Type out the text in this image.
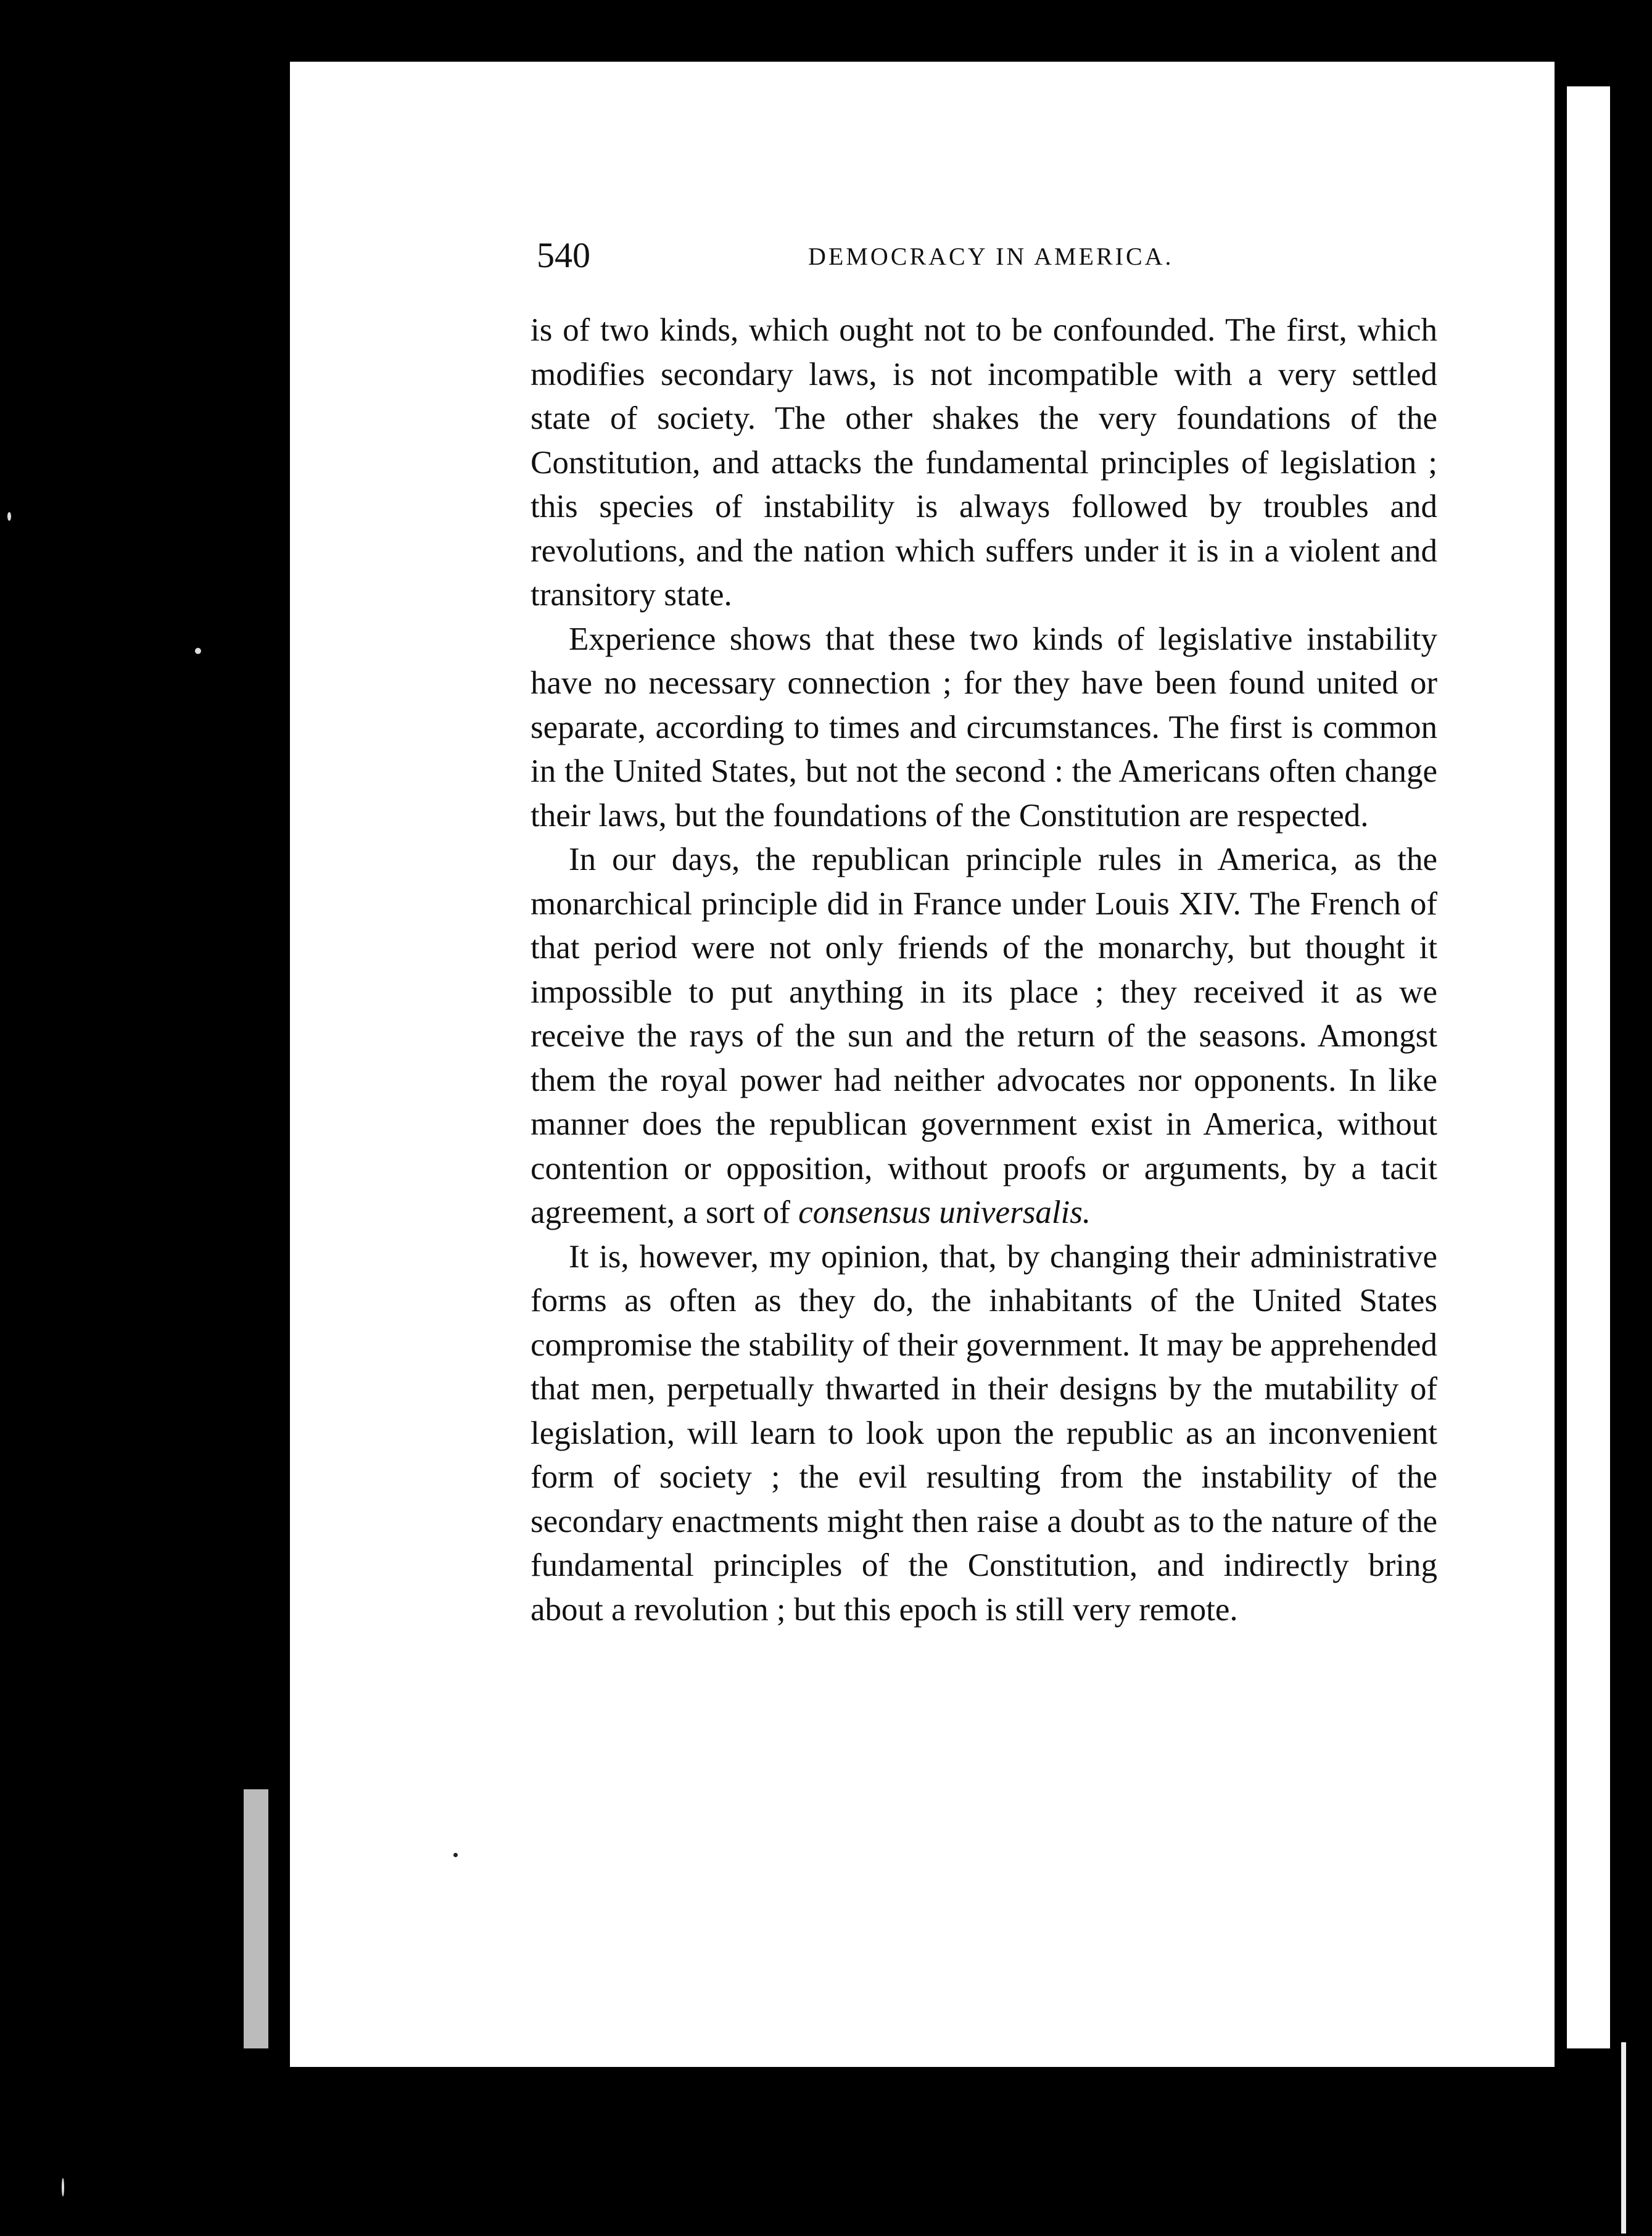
540	DEMOCRACY IN AMERICA.

is of two kinds, which ought not to be confounded. The first, which modifies secondary laws, is not incompatible with a very settled state of society. The other shakes the very foundations of the Constitution, and attacks the fundamental principles of legislation ; this species of instability is always followed by troubles and revolutions, and the nation which suffers under it is in a violent and transitory state.

Experience shows that these two kinds of legislative instability have no necessary connection ; for they have been found united or separate, according to times and circumstances. The first is common in the United States, but not the second : the Americans often change their laws, but the foundations of the Constitution are respected.

In our days, the republican principle rules in America, as the monarchical principle did in France under Louis XIV. The French of that period were not only friends of the monarchy, but thought it impossible to put anything in its place ; they received it as we receive the rays of the sun and the return of the seasons. Amongst them the royal power had neither advocates nor opponents. In like manner does the republican government exist in America, without contention or opposition, without proofs or arguments, by a tacit agreement, a sort of consensus universalis.

It is, however, my opinion, that, by changing their administrative forms as often as they do, the inhabitants of the United States compromise the stability of their government. It may be apprehended that men, perpetually thwarted in their designs by the mutability of legislation, will learn to look upon the republic as an inconvenient form of society ; the evil resulting from the instability of the secondary enactments might then raise a doubt as to the nature of the fundamental principles of the Constitution, and indirectly bring about a revolution ; but this epoch is still very remote.
